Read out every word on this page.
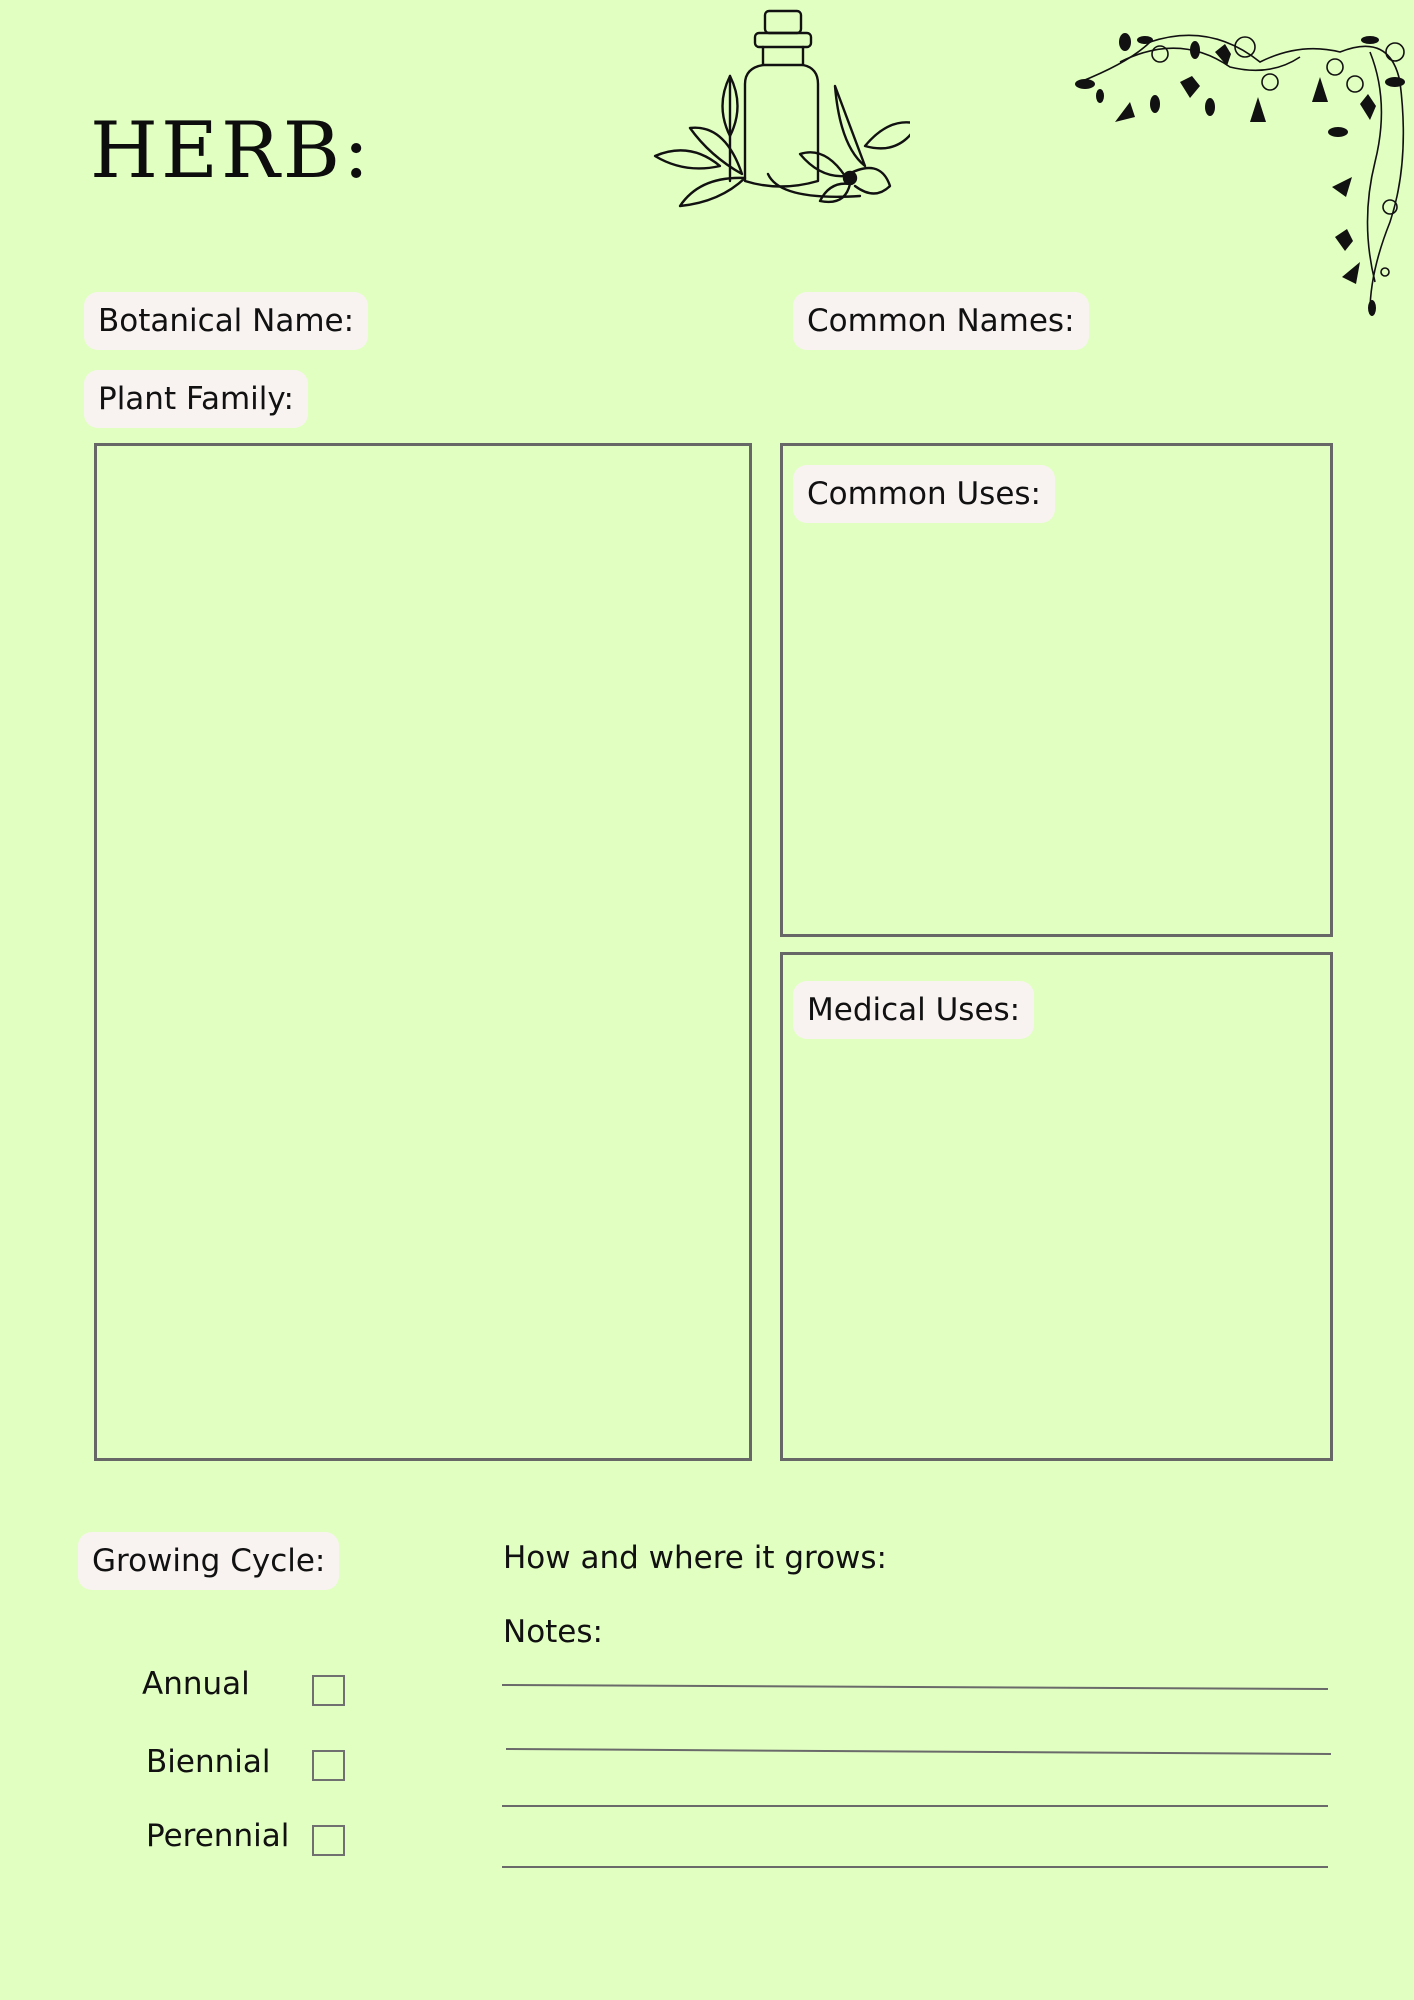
HERB:
Botanical Name:	Common Names:
Plant Family:
Common Uses:
Medical Uses:
Growing Cycle:
Annual
Biennial
Perennial
How and where it grows:
Notes:
